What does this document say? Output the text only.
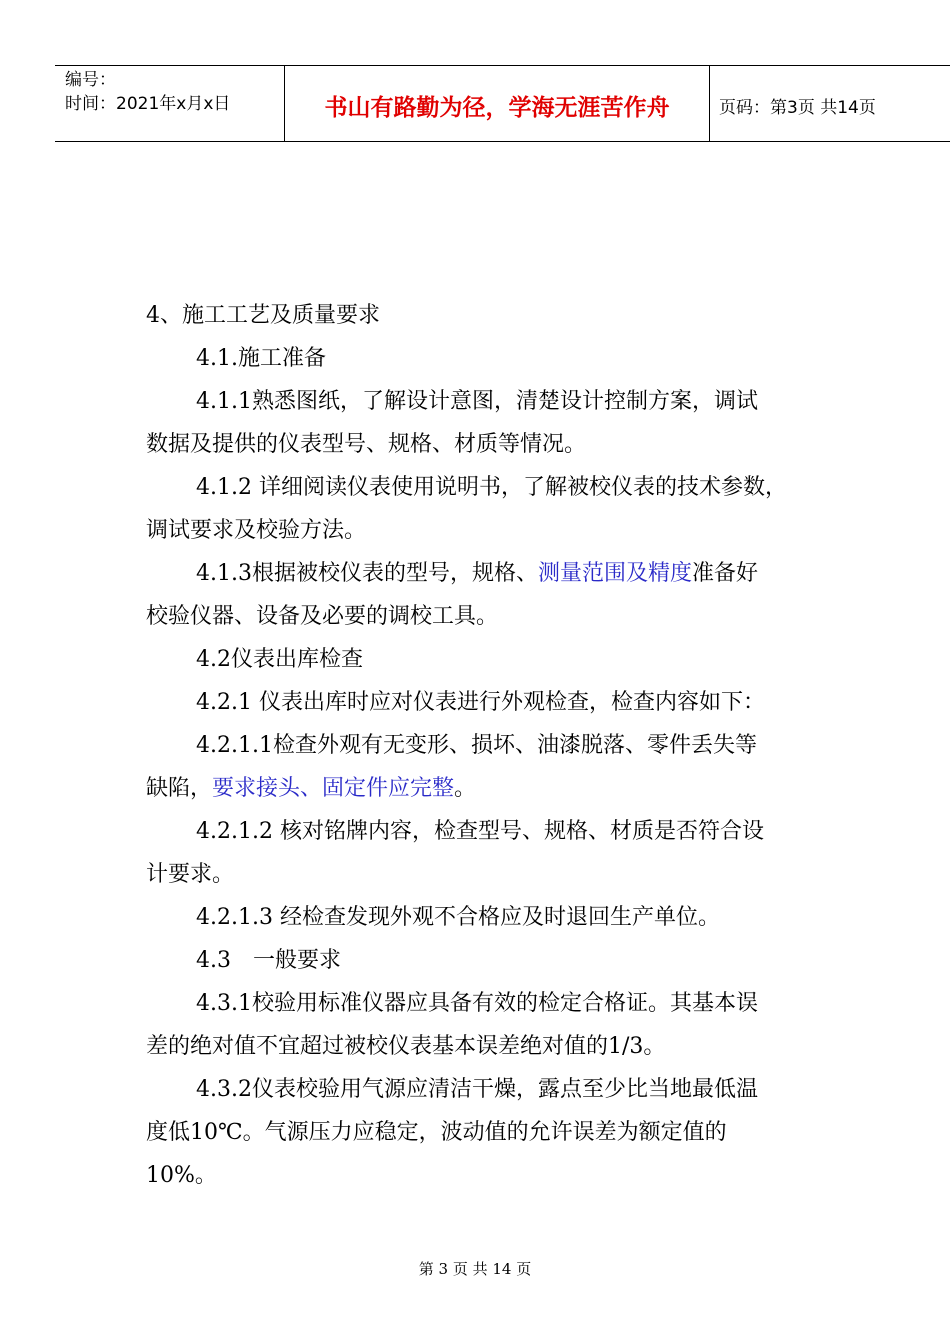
编号：
时间：2021年x月x日	书山有路勤为径，学海无涯苦作舟	页码：第3页 共14页

4、施工工艺及质量要求

4.1.施工准备

4.1.1熟悉图纸，了解设计意图，清楚设计控制方案，调试

数据及提供的仪表型号、规格、材质等情况。

4.1.2 详细阅读仪表使用说明书，了解被校仪表的技术参数，

调试要求及校验方法。

4.1.3根据被校仪表的型号，规格、测量范围及精度准备好

校验仪器、设备及必要的调校工具。

4.2仪表出库检查

4.2.1 仪表出库时应对仪表进行外观检查，检查内容如下：

4.2.1.1检查外观有无变形、损坏、油漆脱落、零件丢失等

缺陷，要求接头、固定件应完整。

4.2.1.2 核对铭牌内容，检查型号、规格、材质是否符合设

计要求。

4.2.1.3 经检查发现外观不合格应及时退回生产单位。

4.3　一般要求

4.3.1校验用标准仪器应具备有效的检定合格证。其基本误

差的绝对值不宜超过被校仪表基本误差绝对值的1/3。

4.3.2仪表校验用气源应清洁干燥，露点至少比当地最低温

度低10℃。气源压力应稳定，波动值的允许误差为额定值的

10%。

第 3 页 共 14 页
